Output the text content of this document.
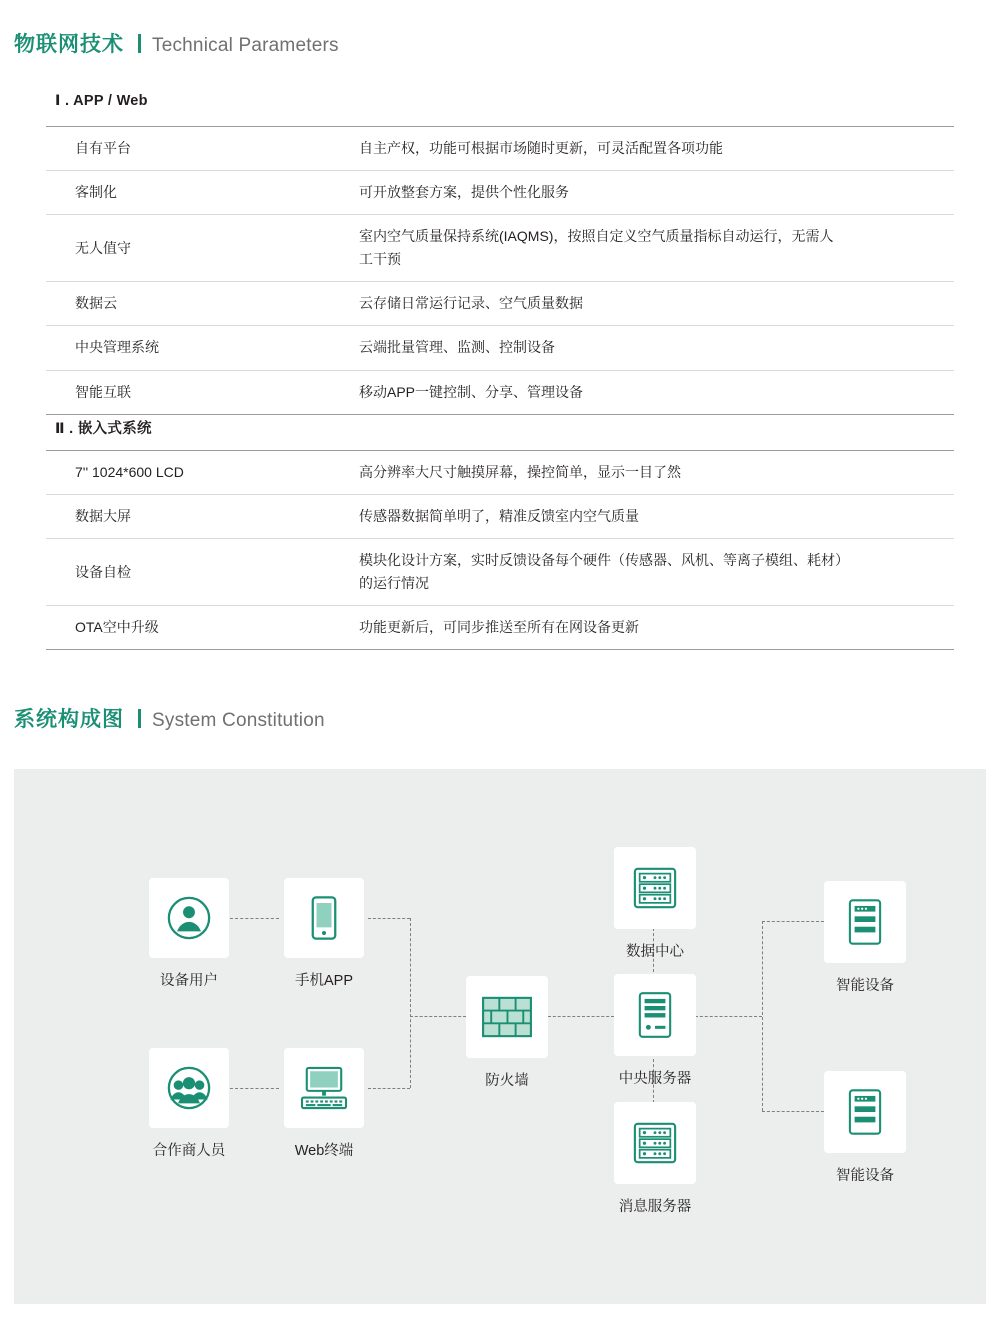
物联网技术 Technical Parameters
Ⅰ . APP / Web
自有平台	自主产权，功能可根据市场随时更新，可灵活配置各项功能
客制化	可开放整套方案，提供个性化服务
无人值守	室内空气质量保持系统(IAQMS)，按照自定义空气质量指标自动运行，无需人工干预
数据云	云存储日常运行记录、空气质量数据
中央管理系统	云端批量管理、监测、控制设备
智能互联	移动APP一键控制、分享、管理设备
Ⅱ . 嵌入式系统
7'' 1024*600 LCD	高分辨率大尺寸触摸屏幕，操控简单，显示一目了然
数据大屏	传感器数据简单明了，精准反馈室内空气质量
设备自检	模块化设计方案，实时反馈设备每个硬件（传感器、风机、等离子模组、耗材）的运行情况
OTA空中升级	功能更新后，可同步推送至所有在网设备更新
系统构成图 System Constitution
设备用户	手机APP
合作商人员	Web终端
防火墙
数据中心
中央服务器
消息服务器
智能设备
智能设备
